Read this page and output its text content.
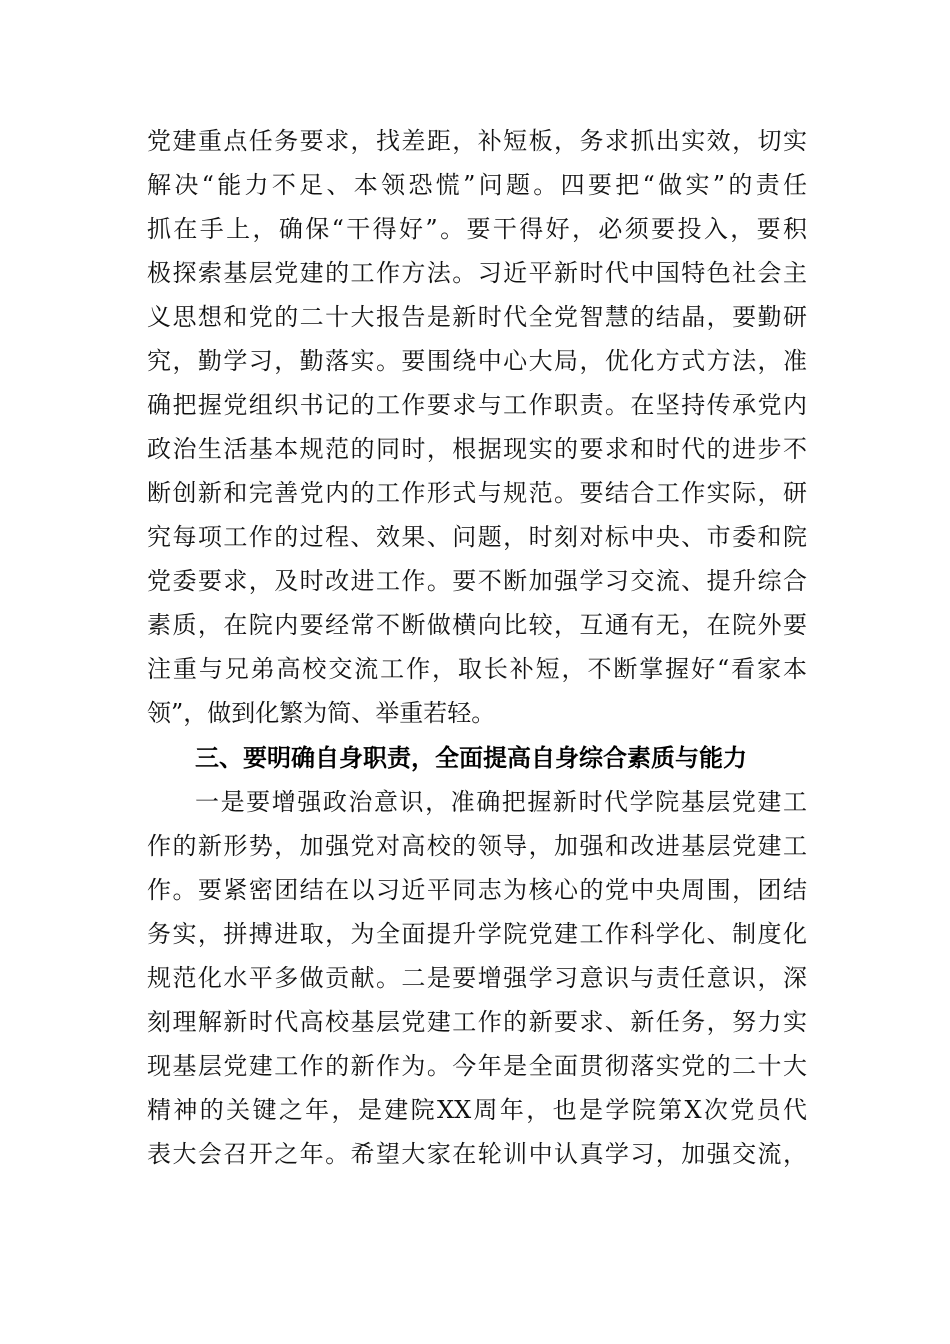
党建重点任务要求，找差距，补短板，务求抓出实效，切实
解决“能力不足、本领恐慌”问题。四要把“做实”的责任
抓在手上，确保“干得好”。要干得好，必须要投入，要积
极探索基层党建的工作方法。习近平新时代中国特色社会主
义思想和党的二十大报告是新时代全党智慧的结晶，要勤研
究，勤学习，勤落实。要围绕中心大局，优化方式方法，准
确把握党组织书记的工作要求与工作职责。在坚持传承党内
政治生活基本规范的同时，根据现实的要求和时代的进步不
断创新和完善党内的工作形式与规范。要结合工作实际，研
究每项工作的过程、效果、问题，时刻对标中央、市委和院
党委要求，及时改进工作。要不断加强学习交流、提升综合
素质，在院内要经常不断做横向比较，互通有无，在院外要
注重与兄弟高校交流工作，取长补短，不断掌握好“看家本
领”，做到化繁为简、举重若轻。
三、要明确自身职责，全面提高自身综合素质与能力
一是要增强政治意识，准确把握新时代学院基层党建工
作的新形势，加强党对高校的领导，加强和改进基层党建工
作。要紧密团结在以习近平同志为核心的党中央周围，团结
务实，拼搏进取，为全面提升学院党建工作科学化、制度化
规范化水平多做贡献。二是要增强学习意识与责任意识，深
刻理解新时代高校基层党建工作的新要求、新任务，努力实
现基层党建工作的新作为。今年是全面贯彻落实党的二十大
精神的关键之年，是建院XX周年，也是学院第X次党员代
表大会召开之年。希望大家在轮训中认真学习，加强交流，
